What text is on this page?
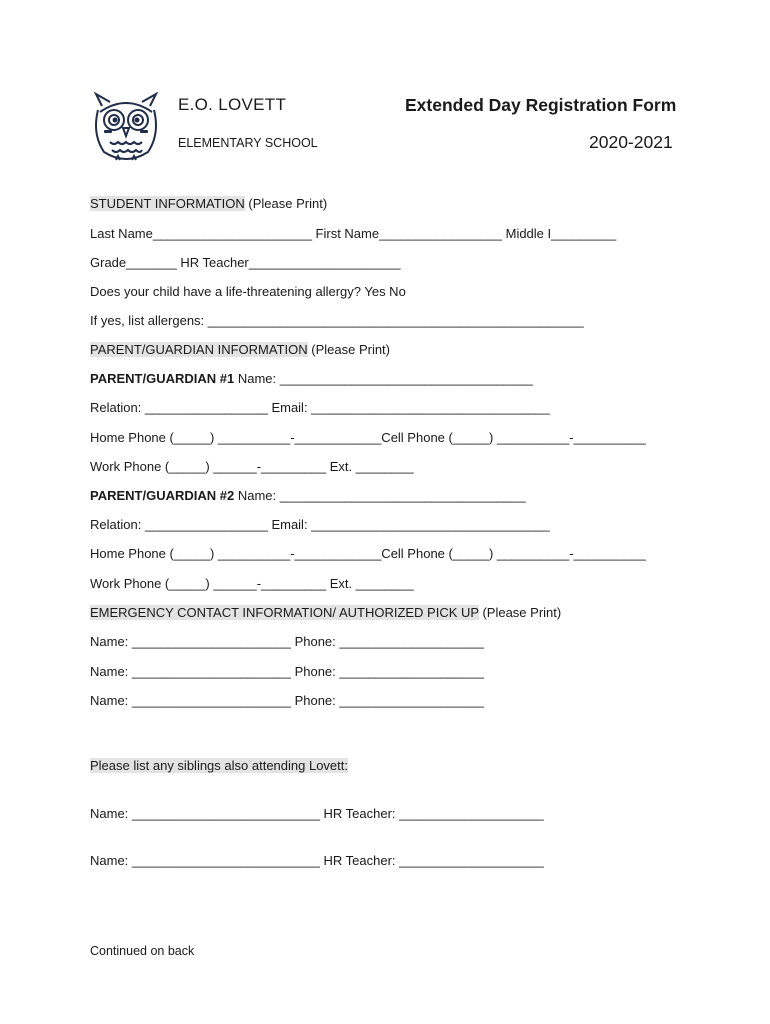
E.O. LOVETT
ELEMENTARY SCHOOL
Extended Day Registration Form
2020-2021
STUDENT INFORMATION (Please Print)
Last Name______________________ First Name_________________ Middle I_________
Grade_______ HR Teacher_____________________
Does your child have a life-threatening allergy? Yes No
If yes, list allergens: ____________________________________________________
PARENT/GUARDIAN INFORMATION (Please Print)
PARENT/GUARDIAN #1 Name: ___________________________________
Relation: _________________ Email: _________________________________
Home Phone (_____) __________-____________Cell Phone (_____) __________-__________
Work Phone (_____) ______-_________ Ext. ________
PARENT/GUARDIAN #2 Name: __________________________________
Relation: _________________ Email: _________________________________
Home Phone (_____) __________-____________Cell Phone (_____) __________-__________
Work Phone (_____) ______-_________ Ext. ________
EMERGENCY CONTACT INFORMATION/ AUTHORIZED PICK UP (Please Print)
Name: ______________________ Phone: ____________________
Name: ______________________ Phone: ____________________
Name: ______________________ Phone: ____________________
Please list any siblings also attending Lovett:
Name: __________________________ HR Teacher: ____________________
Name: __________________________ HR Teacher: ____________________
Continued on back
